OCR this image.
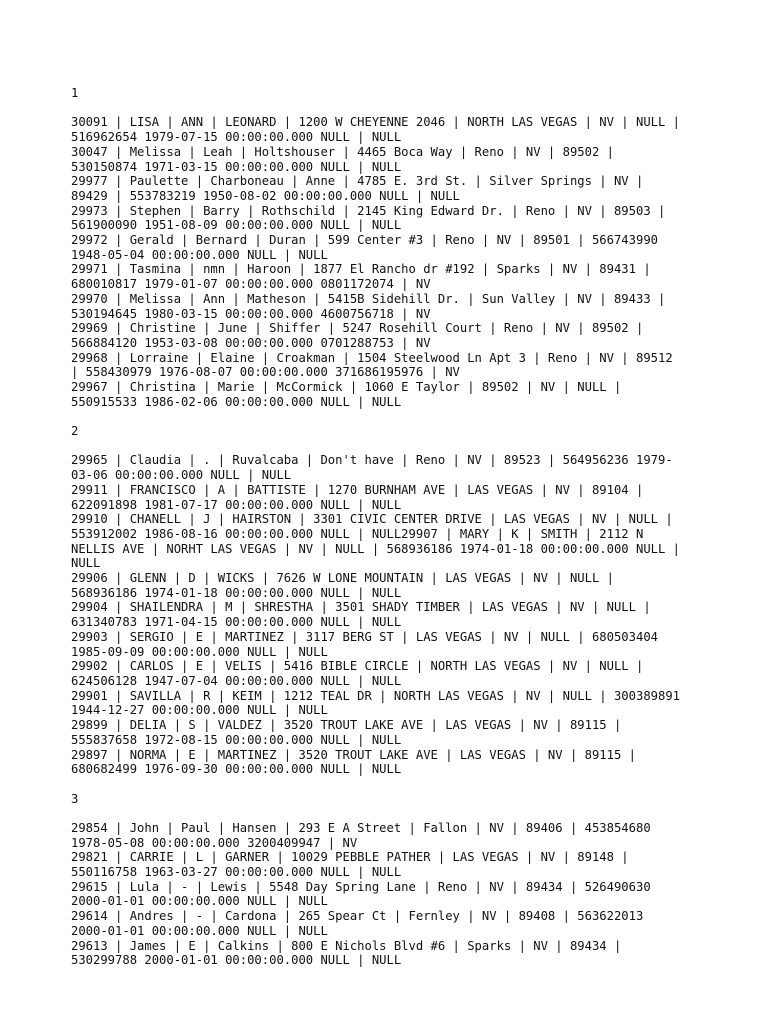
1
30091 | LISA | ANN | LEONARD | 1200 W CHEYENNE 2046 | NORTH LAS VEGAS | NV | NULL |
516962654 1979-07-15 00:00:00.000 NULL | NULL
30047 | Melissa | Leah | Holtshouser | 4465 Boca Way | Reno | NV | 89502 |
530150874 1971-03-15 00:00:00.000 NULL | NULL
29977 | Paulette | Charboneau | Anne | 4785 E. 3rd St. | Silver Springs | NV |
89429 | 553783219 1950-08-02 00:00:00.000 NULL | NULL
29973 | Stephen | Barry | Rothschild | 2145 King Edward Dr. | Reno | NV | 89503 |
561900090 1951-08-09 00:00:00.000 NULL | NULL
29972 | Gerald | Bernard | Duran | 599 Center #3 | Reno | NV | 89501 | 566743990
1948-05-04 00:00:00.000 NULL | NULL
29971 | Tasmina | nmn | Haroon | 1877 El Rancho dr #192 | Sparks | NV | 89431 |
680010817 1979-01-07 00:00:00.000 0801172074 | NV
29970 | Melissa | Ann | Matheson | 5415B Sidehill Dr. | Sun Valley | NV | 89433 |
530194645 1980-03-15 00:00:00.000 4600756718 | NV
29969 | Christine | June | Shiffer | 5247 Rosehill Court | Reno | NV | 89502 |
566884120 1953-03-08 00:00:00.000 0701288753 | NV
29968 | Lorraine | Elaine | Croakman | 1504 Steelwood Ln Apt 3 | Reno | NV | 89512
| 558430979 1976-08-07 00:00:00.000 371686195976 | NV
29967 | Christina | Marie | McCormick | 1060 E Taylor | 89502 | NV | NULL |
550915533 1986-02-06 00:00:00.000 NULL | NULL
2
29965 | Claudia | . | Ruvalcaba | Don't have | Reno | NV | 89523 | 564956236 1979-
03-06 00:00:00.000 NULL | NULL
29911 | FRANCISCO | A | BATTISTE | 1270 BURNHAM AVE | LAS VEGAS | NV | 89104 |
622091898 1981-07-17 00:00:00.000 NULL | NULL
29910 | CHANELL | J | HAIRSTON | 3301 CIVIC CENTER DRIVE | LAS VEGAS | NV | NULL |
553912002 1986-08-16 00:00:00.000 NULL | NULL29907 | MARY | K | SMITH | 2112 N
NELLIS AVE | NORHT LAS VEGAS | NV | NULL | 568936186 1974-01-18 00:00:00.000 NULL |
NULL
29906 | GLENN | D | WICKS | 7626 W LONE MOUNTAIN | LAS VEGAS | NV | NULL |
568936186 1974-01-18 00:00:00.000 NULL | NULL
29904 | SHAILENDRA | M | SHRESTHA | 3501 SHADY TIMBER | LAS VEGAS | NV | NULL |
631340783 1971-04-15 00:00:00.000 NULL | NULL
29903 | SERGIO | E | MARTINEZ | 3117 BERG ST | LAS VEGAS | NV | NULL | 680503404
1985-09-09 00:00:00.000 NULL | NULL
29902 | CARLOS | E | VELIS | 5416 BIBLE CIRCLE | NORTH LAS VEGAS | NV | NULL |
624506128 1947-07-04 00:00:00.000 NULL | NULL
29901 | SAVILLA | R | KEIM | 1212 TEAL DR | NORTH LAS VEGAS | NV | NULL | 300389891
1944-12-27 00:00:00.000 NULL | NULL
29899 | DELIA | S | VALDEZ | 3520 TROUT LAKE AVE | LAS VEGAS | NV | 89115 |
555837658 1972-08-15 00:00:00.000 NULL | NULL
29897 | NORMA | E | MARTINEZ | 3520 TROUT LAKE AVE | LAS VEGAS | NV | 89115 |
680682499 1976-09-30 00:00:00.000 NULL | NULL
3
29854 | John | Paul | Hansen | 293 E A Street | Fallon | NV | 89406 | 453854680
1978-05-08 00:00:00.000 3200409947 | NV
29821 | CARRIE | L | GARNER | 10029 PEBBLE PATHER | LAS VEGAS | NV | 89148 |
550116758 1963-03-27 00:00:00.000 NULL | NULL
29615 | Lula | - | Lewis | 5548 Day Spring Lane | Reno | NV | 89434 | 526490630
2000-01-01 00:00:00.000 NULL | NULL
29614 | Andres | - | Cardona | 265 Spear Ct | Fernley | NV | 89408 | 563622013
2000-01-01 00:00:00.000 NULL | NULL
29613 | James | E | Calkins | 800 E Nichols Blvd #6 | Sparks | NV | 89434 |
530299788 2000-01-01 00:00:00.000 NULL | NULL
